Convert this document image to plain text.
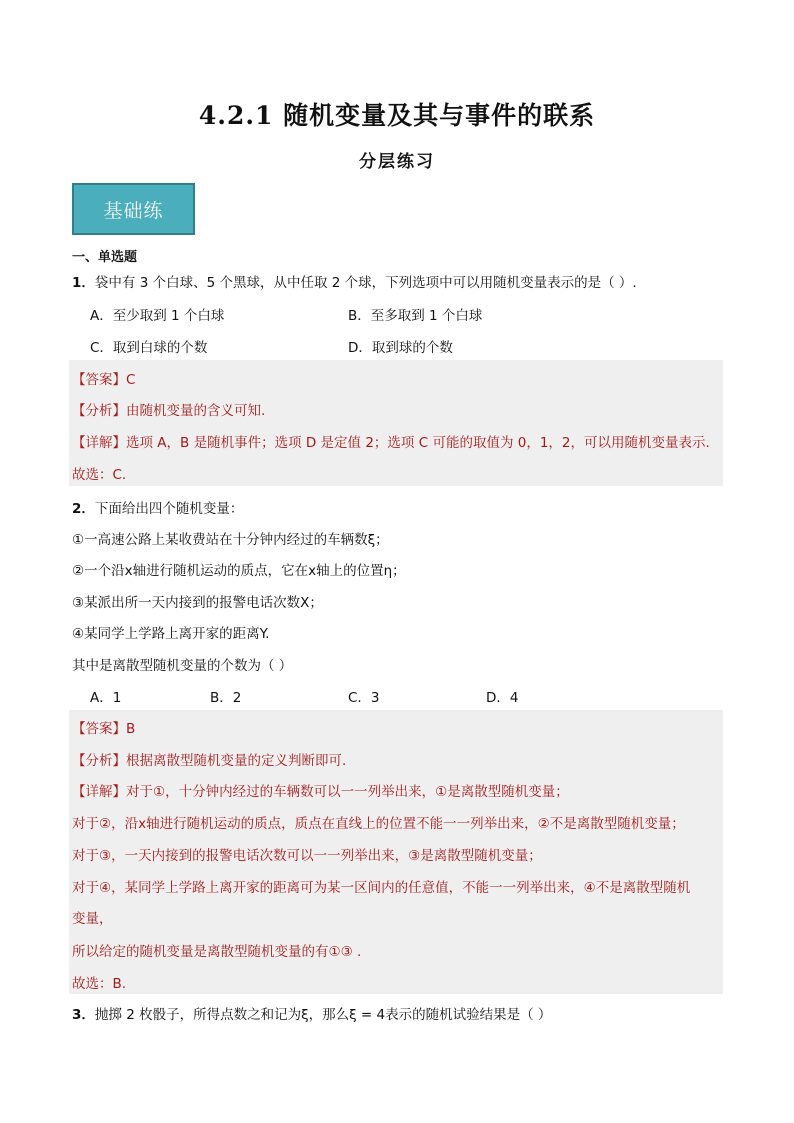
4.2.1 随机变量及其与事件的联系
分层练习
基础练
一、单选题
1．袋中有 3 个白球、5 个黑球，从中任取 2 个球，下列选项中可以用随机变量表示的是（ ）.
A．至少取到 1 个白球	B．至多取到 1 个白球
C．取到白球的个数	D．取到球的个数
【答案】C
【分析】由随机变量的含义可知.
【详解】选项 A，B 是随机事件；选项 D 是定值 2；选项 C 可能的取值为 0，1，2，可以用随机变量表示.
故选：C.
2．下面给出四个随机变量：
①一高速公路上某收费站在十分钟内经过的车辆数ξ；
②一个沿x轴进行随机运动的质点，它在x轴上的位置η；
③某派出所一天内接到的报警电话次数X；
④某同学上学路上离开家的距离Y.
其中是离散型随机变量的个数为（ ）
A．1	B．2	C．3	D．4
【答案】B
【分析】根据离散型随机变量的定义判断即可.
【详解】对于①，十分钟内经过的车辆数可以一一列举出来，①是离散型随机变量；
对于②，沿x轴进行随机运动的质点，质点在直线上的位置不能一一列举出来，②不是离散型随机变量；
对于③，一天内接到的报警电话次数可以一一列举出来，③是离散型随机变量；
对于④，某同学上学路上离开家的距离可为某一区间内的任意值，不能一一列举出来，④不是离散型随机
变量，
所以给定的随机变量是离散型随机变量的有①③ .
故选：B.
3．抛掷 2 枚骰子，所得点数之和记为ξ，那么ξ = 4表示的随机试验结果是（ ）
